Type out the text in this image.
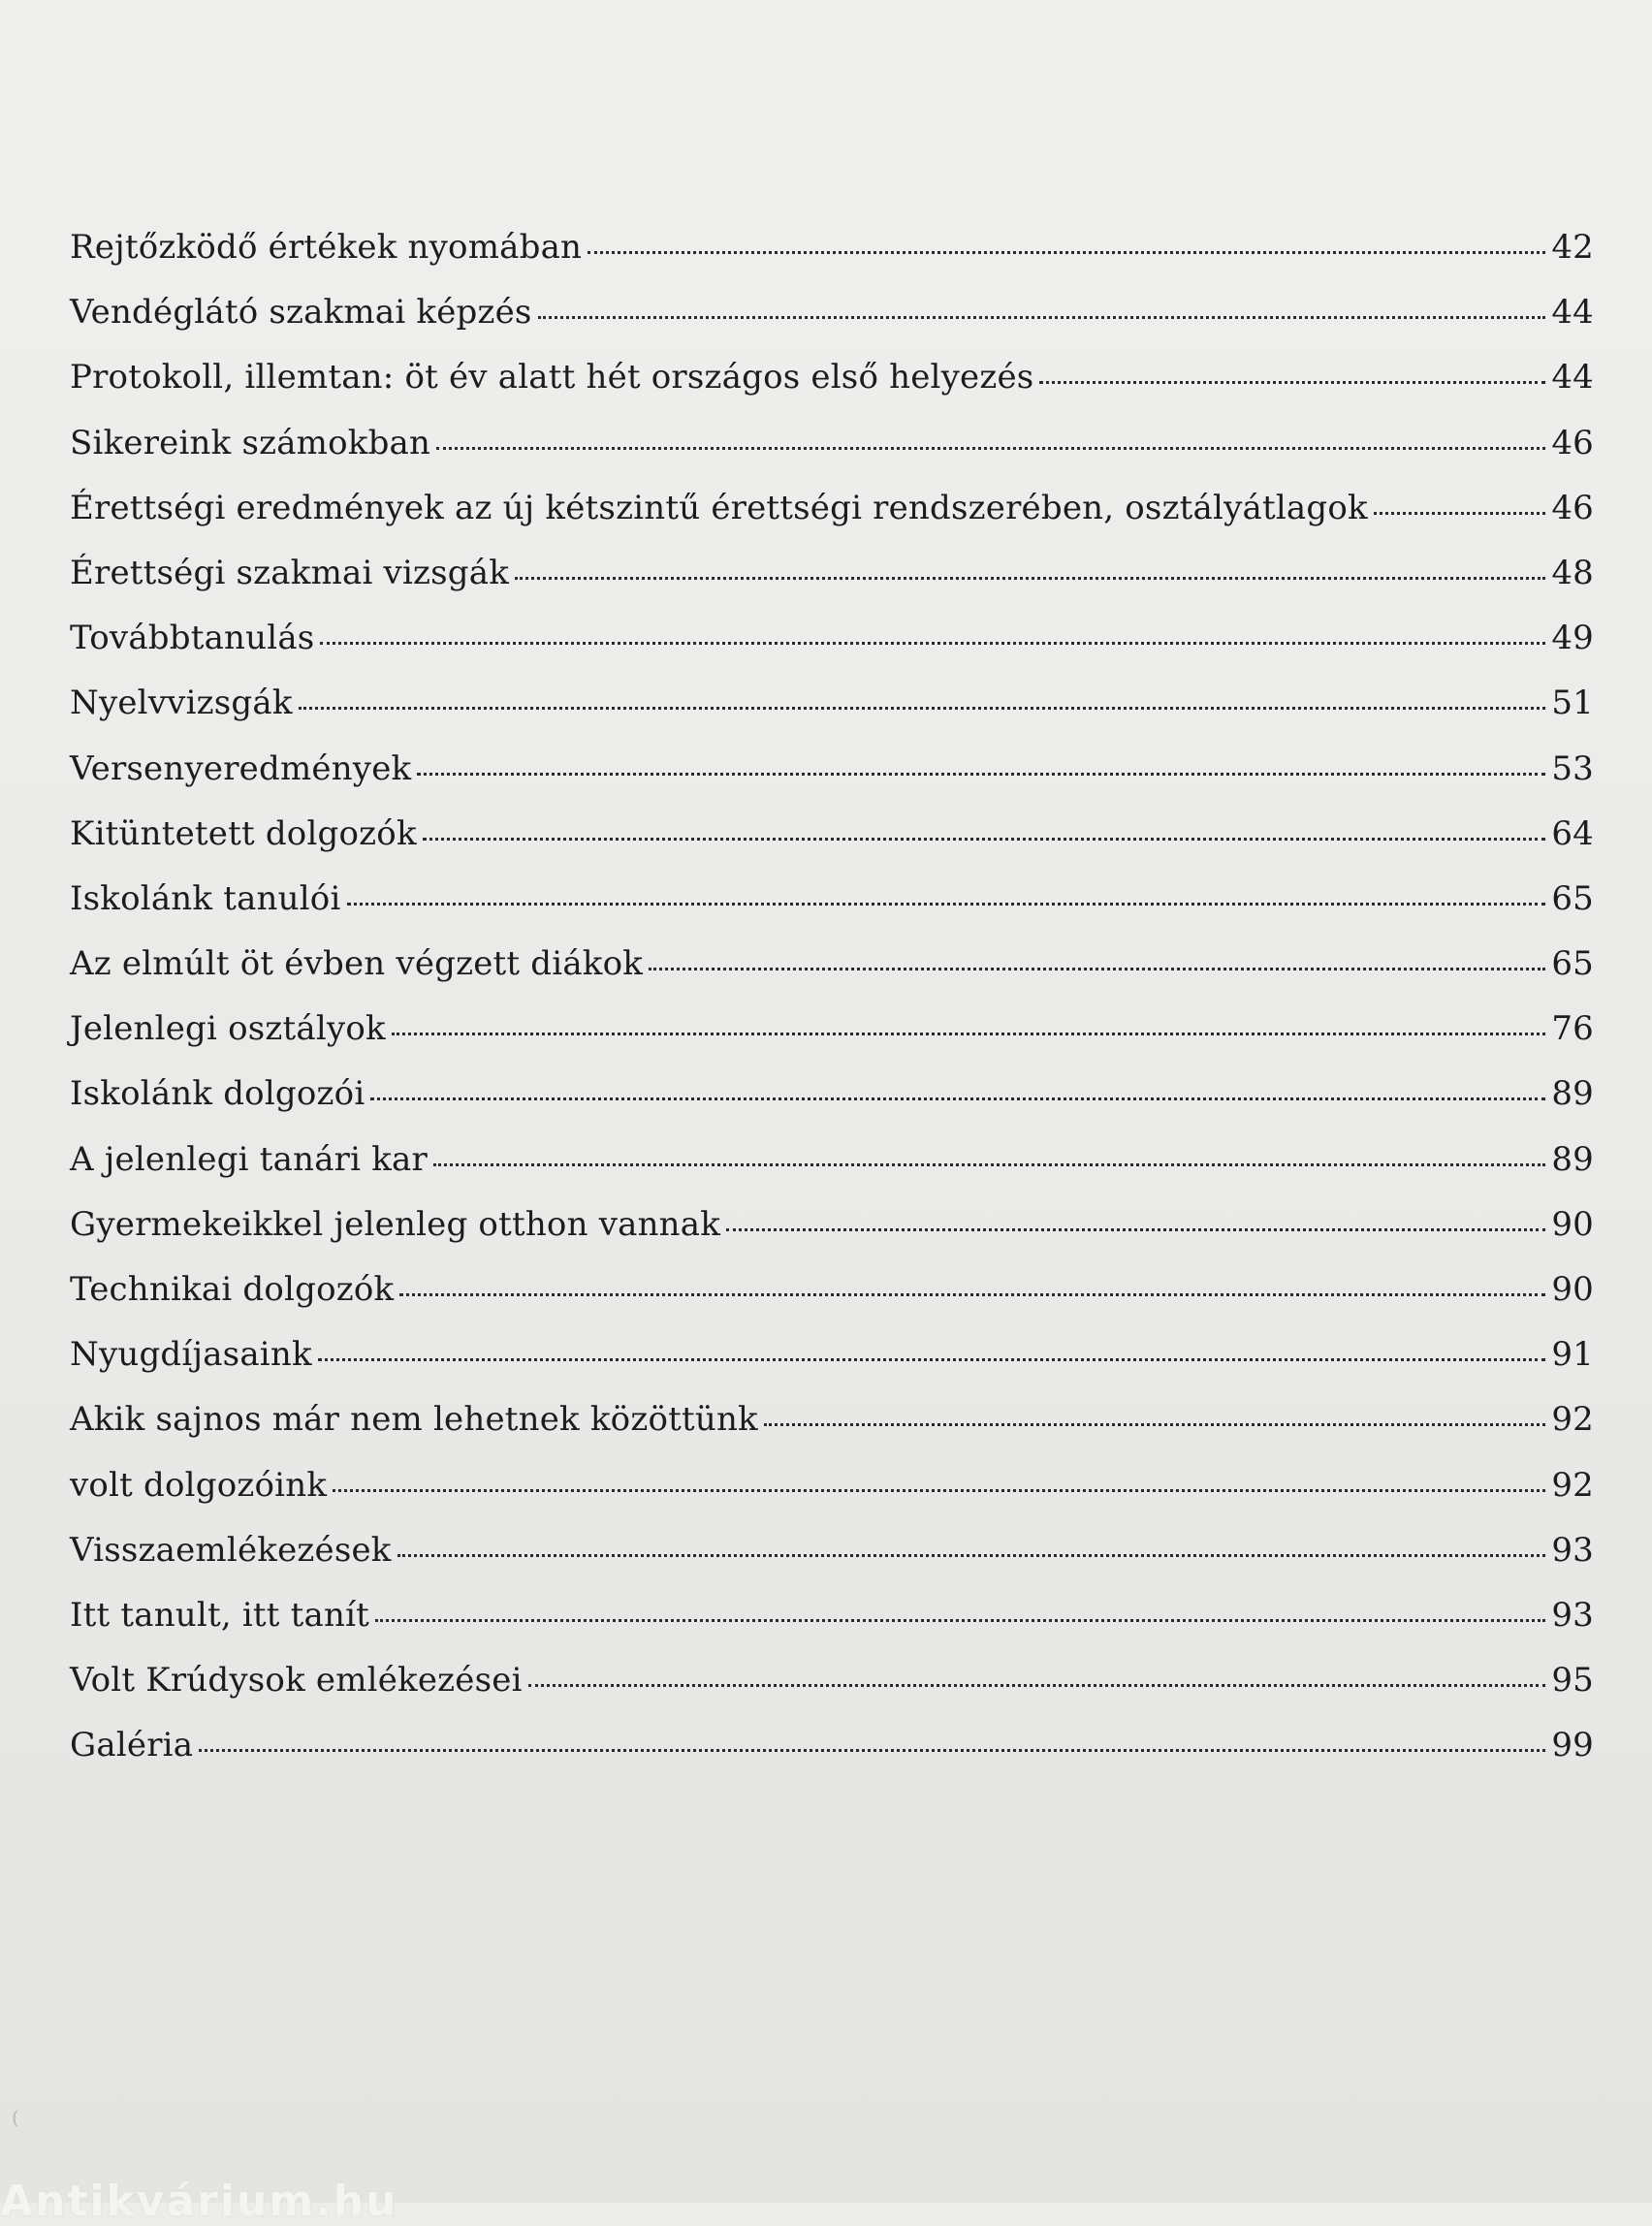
Rejtőzködő értékek nyomában	42
Vendéglátó szakmai képzés	44
Protokoll, illemtan: öt év alatt hét országos első helyezés	44
Sikereink számokban	46
Érettségi eredmények az új kétszintű érettségi rendszerében, osztályátlagok	46
Érettségi szakmai vizsgák	48
Továbbtanulás	49
Nyelvvizsgák	51
Versenyeredmények	53
Kitüntetett dolgozók	64
Iskolánk tanulói	65
Az elmúlt öt évben végzett diákok	65
Jelenlegi osztályok	76
Iskolánk dolgozói	89
A jelenlegi tanári kar	89
Gyermekeikkel jelenleg otthon vannak	90
Technikai dolgozók	90
Nyugdíjasaink	91
Akik sajnos már nem lehetnek közöttünk	92
volt dolgozóink	92
Visszaemlékezések	93
Itt tanult, itt tanít	93
Volt Krúdysok emlékezései	95
Galéria	99
(
Antikvárium.hu
